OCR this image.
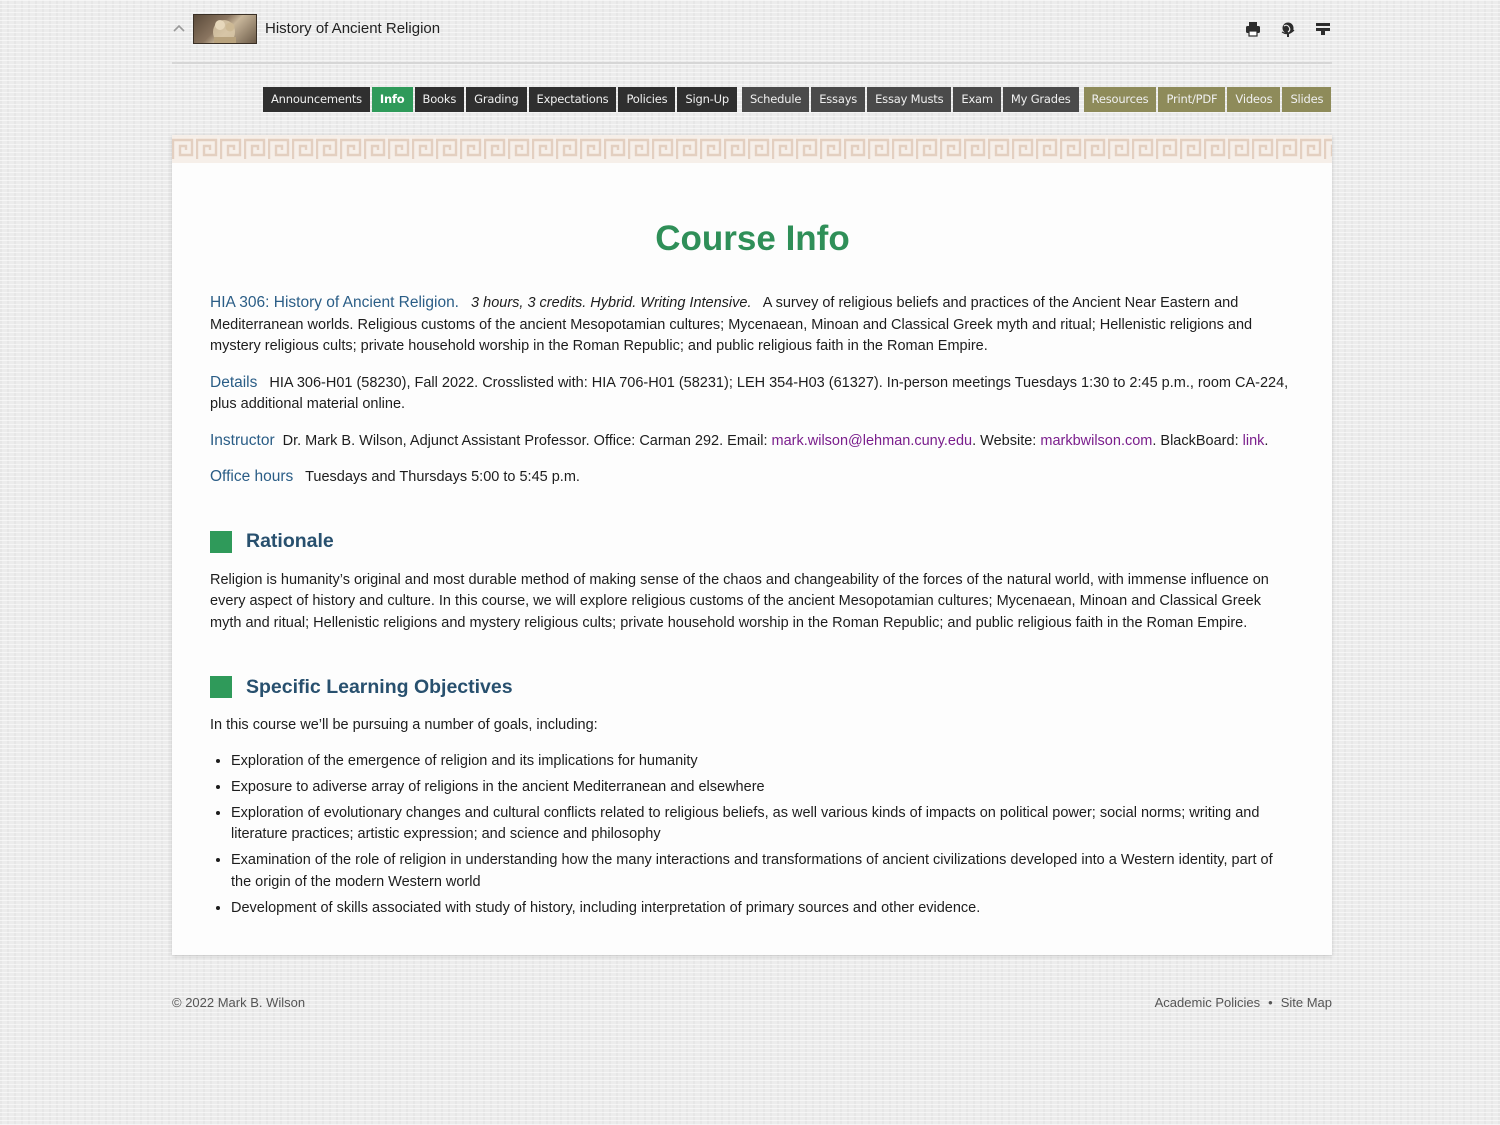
History of Ancient Religion
Announcements	Info	Books	Grading	Expectations	Policies	Sign-Up	Schedule	Essays	Essay Musts	Exam	My Grades	Resources	Print/PDF	Videos	Slides
Course Info

HIA 306: History of Ancient Religion. 3 hours, 3 credits. Hybrid. Writing Intensive. A survey of religious beliefs and practices of the Ancient Near Eastern and Mediterranean worlds. Religious customs of the ancient Mesopotamian cultures; Mycenaean, Minoan and Classical Greek myth and ritual; Hellenistic religions and mystery religious cults; private household worship in the Roman Republic; and public religious faith in the Roman Empire.

Details HIA 306-H01 (58230), Fall 2022. Crosslisted with: HIA 706-H01 (58231); LEH 354-H03 (61327). In-person meetings Tuesdays 1:30 to 2:45 p.m., room CA-224, plus additional material online.

Instructor Dr. Mark B. Wilson, Adjunct Assistant Professor. Office: Carman 292. Email: mark.wilson@lehman.cuny.edu. Website: markbwilson.com. BlackBoard: link.

Office hours Tuesdays and Thursdays 5:00 to 5:45 p.m.

Rationale

Religion is humanity’s original and most durable method of making sense of the chaos and changeability of the forces of the natural world, with immense influence on every aspect of history and culture. In this course, we will explore religious customs of the ancient Mesopotamian cultures; Mycenaean, Minoan and Classical Greek myth and ritual; Hellenistic religions and mystery religious cults; private household worship in the Roman Republic; and public religious faith in the Roman Empire.

Specific Learning Objectives

In this course we’ll be pursuing a number of goals, including:

• Exploration of the emergence of religion and its implications for humanity
• Exposure to adiverse array of religions in the ancient Mediterranean and elsewhere
• Exploration of evolutionary changes and cultural conflicts related to religious beliefs, as well various kinds of impacts on political power; social norms; writing and literature practices; artistic expression; and science and philosophy
• Examination of the role of religion in understanding how the many interactions and transformations of ancient civilizations developed into a Western identity, part of the origin of the modern Western world
• Development of skills associated with study of history, including interpretation of primary sources and other evidence.
© 2022 Mark B. Wilson	Academic Policies • Site Map
